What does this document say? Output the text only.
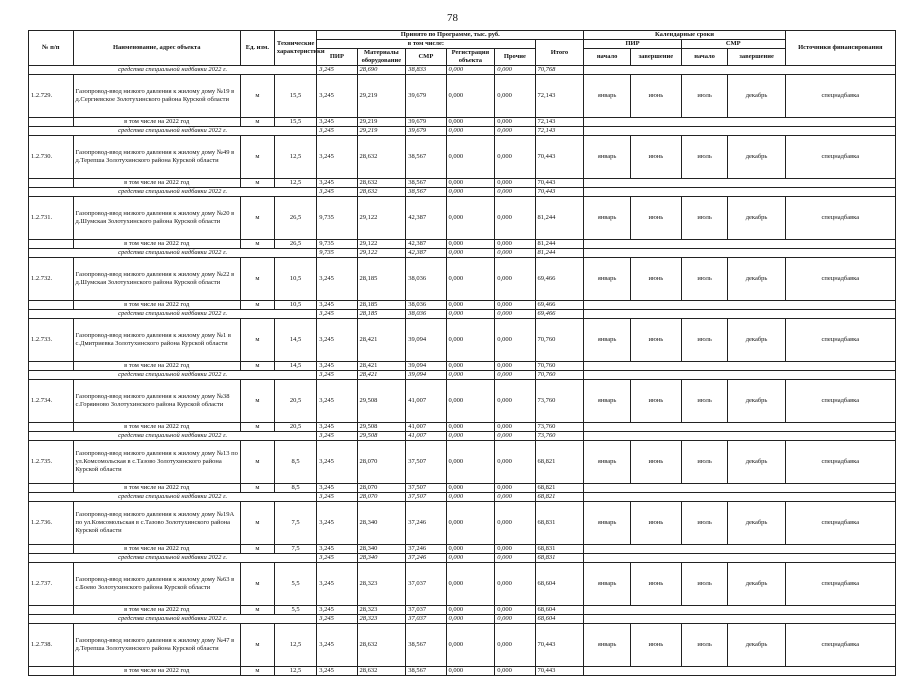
78
№ п/п	Наименование, адрес объекта	Ед. изм.	Технические характеристики	Принято по Программе, тыс. руб.						Календарные сроки				Источники финансирования
				в том числе:					Итого	ПИР		СМР		
				ПИР	Материалы оборудование	СМР	Регистрация объекта	Прочие		начало	завершение	начало	завершение	
средства специальной надбавки 2022 г.				3,245	28,690	38,833	0,000	0,000	70,768					
1.2.729.	Газопровод-ввод низкого давления к жилому дому №19 в д.Сергиевское Золотухинского района Курской области	м	15,5	3,245	29,219	39,679	0,000	0,000	72,143	январь	июнь	июль	декабрь	спецнадбавка
	в том числе на 2022 год	м	15,5	3,245	29,219	39,679	0,000	0,000	72,143					
средства специальной надбавки 2022 г.				3,245	29,219	39,679	0,000	0,000	72,143					
1.2.730.	Газопровод-ввод низкого давления к жилому дому №49 в д.Терепша Золотухинского района Курской области	м	12,5	3,245	28,632	38,567	0,000	0,000	70,443	январь	июнь	июль	декабрь	спецнадбавка
	в том числе на 2022 год	м	12,5	3,245	28,632	38,567	0,000	0,000	70,443					
средства специальной надбавки 2022 г.				3,245	28,632	38,567	0,000	0,000	70,443					
1.2.731.	Газопровод-ввод низкого давления к жилому дому №20 в д.Шумская Золотухинского района Курской области	м	26,5	9,735	29,122	42,387	0,000	0,000	81,244	январь	июнь	июль	декабрь	спецнадбавка
	в том числе на 2022 год	м	26,5	9,735	29,122	42,387	0,000	0,000	81,244					
средства специальной надбавки 2022 г.				9,735	29,122	42,387	0,000	0,000	81,244					
1.2.732.	Газопровод-ввод низкого давления к жилому дому №22 в д.Шумская Золотухинского района Курской области	м	10,5	3,245	28,185	38,036	0,000	0,000	69,466	январь	июнь	июль	декабрь	спецнадбавка
	в том числе на 2022 год	м	10,5	3,245	28,185	38,036	0,000	0,000	69,466					
средства специальной надбавки 2022 г.				3,245	28,185	38,036	0,000	0,000	69,466					
1.2.733.	Газопровод-ввод низкого давления к жилому дому №1 в с.Дмитриевка Золотухинского района Курской области	м	14,5	3,245	28,421	39,094	0,000	0,000	70,760	январь	июнь	июль	декабрь	спецнадбавка
	в том числе на 2022 год	м	14,5	3,245	28,421	39,094	0,000	0,000	70,760					
средства специальной надбавки 2022 г.				3,245	28,421	39,094	0,000	0,000	70,760					
1.2.734.	Газопровод-ввод низкого давления к жилому дому №38 с.Горяиново Золотухинского района Курской области	м	20,5	3,245	29,508	41,007	0,000	0,000	73,760	январь	июнь	июль	декабрь	спецнадбавка
	в том числе на 2022 год	м	20,5	3,245	29,508	41,007	0,000	0,000	73,760					
средства специальной надбавки 2022 г.				3,245	29,508	41,007	0,000	0,000	73,760					
1.2.735.	Газопровод-ввод низкого давления к жилому дому №13 по ул.Комсомольская в с.Тазово Золотухинского района Курской области	м	8,5	3,245	28,070	37,507	0,000	0,000	68,821	январь	июнь	июль	декабрь	спецнадбавка
	в том числе на 2022 год	м	8,5	3,245	28,070	37,507	0,000	0,000	68,821					
средства специальной надбавки 2022 г.				3,245	28,070	37,507	0,000	0,000	68,821					
1.2.736.	Газопровод-ввод низкого давления к жилому дому №19А по ул.Комсомольская в с.Тазово Золотухинского района Курской области	м	7,5	3,245	28,340	37,246	0,000	0,000	68,831	январь	июнь	июль	декабрь	спецнадбавка
	в том числе на 2022 год	м	7,5	3,245	28,340	37,246	0,000	0,000	68,831					
средства специальной надбавки 2022 г.				3,245	28,340	37,246	0,000	0,000	68,831					
1.2.737.	Газопровод-ввод низкого давления к жилому дому №63 в с.Боево Золотухинского района Курской области	м	5,5	3,245	28,323	37,037	0,000	0,000	68,604	январь	июнь	июль	декабрь	спецнадбавка
	в том числе на 2022 год	м	5,5	3,245	28,323	37,037	0,000	0,000	68,604					
средства специальной надбавки 2022 г.				3,245	28,323	37,037	0,000	0,000	68,604					
1.2.738.	Газопровод-ввод низкого давления к жилому дому №47 в д.Терепша Золотухинского района Курской области	м	12,5	3,245	28,632	38,567	0,000	0,000	70,443	январь	июнь	июль	декабрь	спецнадбавка
	в том числе на 2022 год	м	12,5	3,245	28,632	38,567	0,000	0,000	70,443					
